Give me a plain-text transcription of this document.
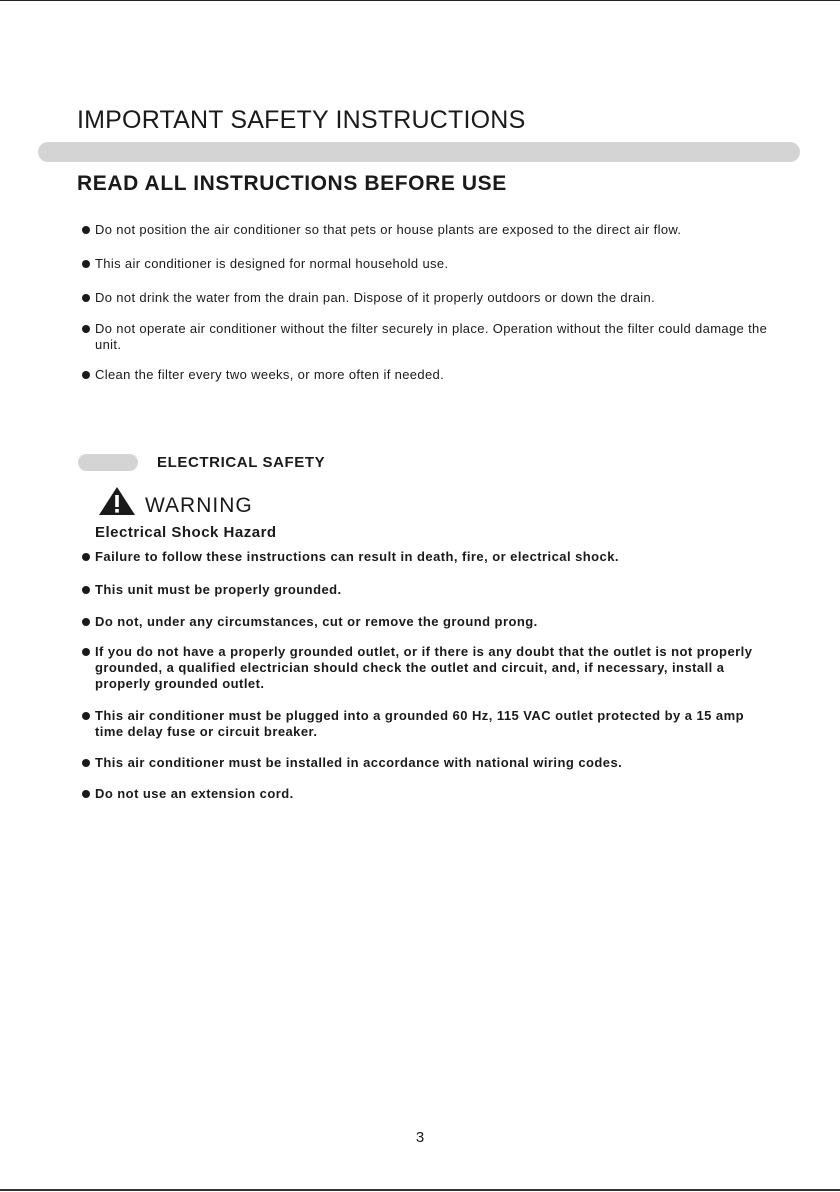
IMPORTANT SAFETY INSTRUCTIONS
READ ALL INSTRUCTIONS BEFORE USE
Do not position the air conditioner so that pets or house plants are exposed to the direct air flow.
This air conditioner is designed for normal household use.
Do not drink the water from the drain pan. Dispose of it properly outdoors or down the drain.
Do not operate air conditioner without the filter securely in place. Operation without the filter could damage the unit.
Clean the filter every two weeks, or more often if needed.
ELECTRICAL SAFETY
WARNING
Electrical Shock Hazard
Failure to follow these instructions can result in death, fire, or electrical shock.
This unit must be properly grounded.
Do not, under any circumstances, cut or remove the ground prong.
If you do not have a properly grounded outlet, or if there is any doubt that the outlet is not properly grounded, a qualified electrician should check the outlet and circuit, and, if necessary, install a properly grounded outlet.
This air conditioner must be plugged into a grounded 60 Hz, 115 VAC outlet protected by a 15 amp time delay fuse or circuit breaker.
This air conditioner must be installed in accordance with national wiring codes.
Do not use an extension cord.
3
